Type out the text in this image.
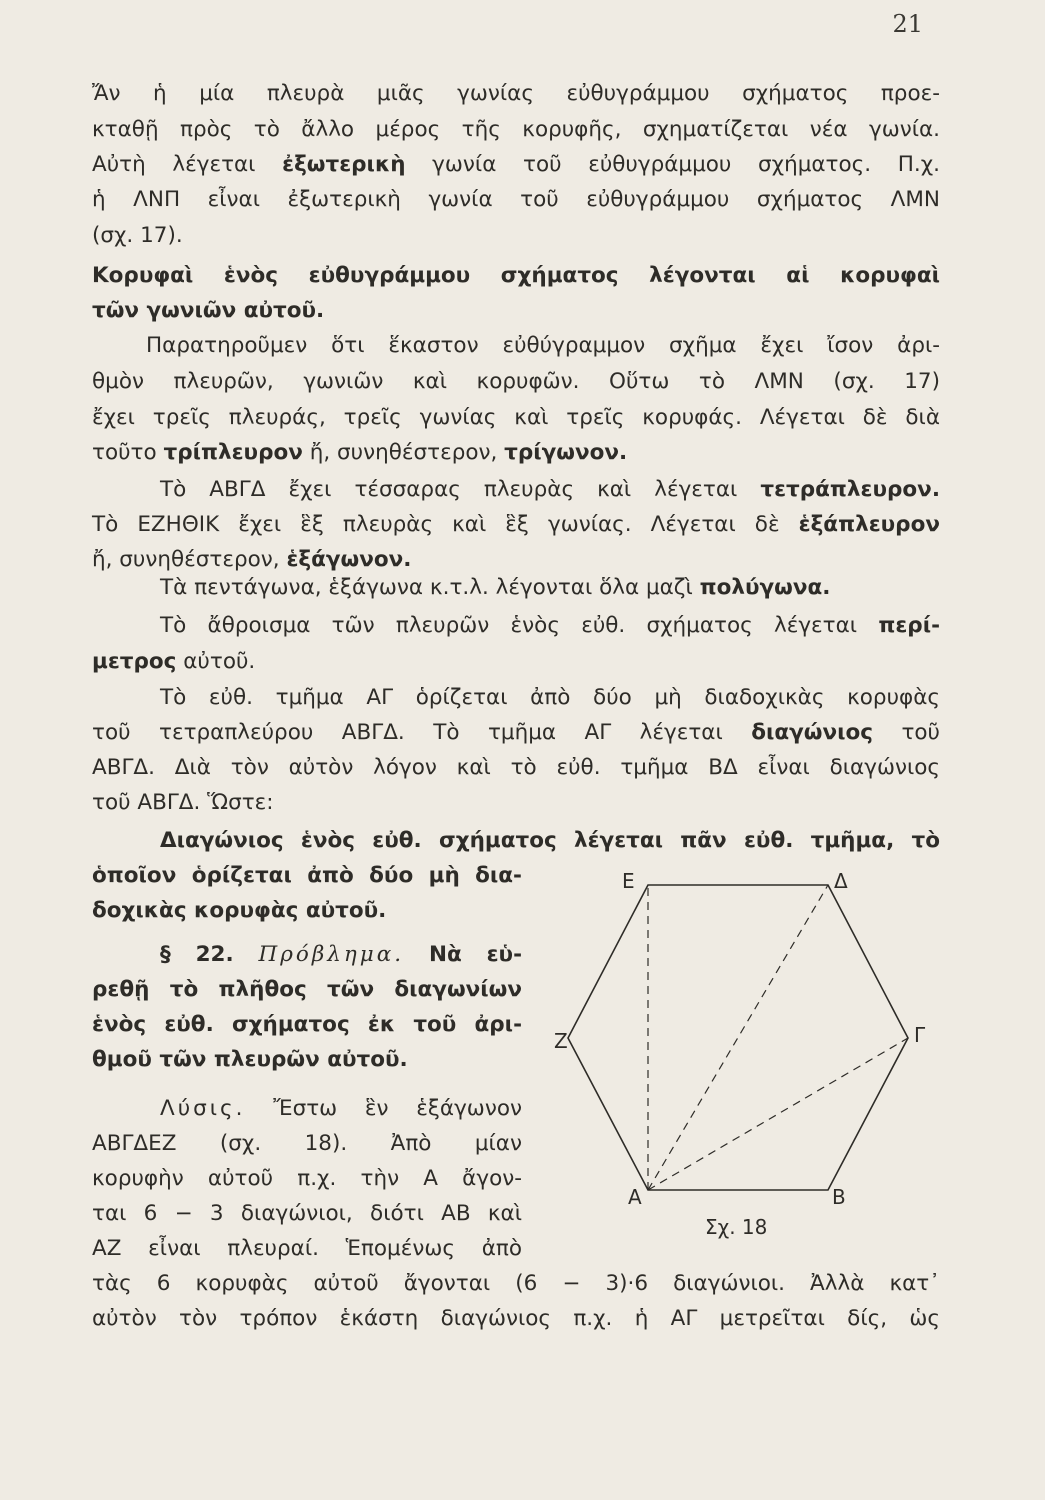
21
Ἄν ἡ μία πλευρὰ μιᾶς γωνίας εὐθυγράμμου σχήματος προε-
κταθῇ πρὸς τὸ ἄλλο μέρος τῆς κορυφῆς, σχηματίζεται νέα γωνία.
Αὐτὴ λέγεται ἐξωτερικὴ γωνία τοῦ εὐθυγράμμου σχήματος. Π.χ.
ἡ ΛΝΠ εἶναι ἐξωτερικὴ γωνία τοῦ εὐθυγράμμου σχήματος ΛΜΝ
(σχ. 17).
Κορυφαὶ ἑνὸς εὐθυγράμμου σχήματος λέγονται αἱ κορυφαὶ
τῶν γωνιῶν αὐτοῦ.
Παρατηροῦμεν ὅτι ἕκαστον εὐθύγραμμον σχῆμα ἔχει ἴσον ἀρι-
θμὸν πλευρῶν, γωνιῶν καὶ κορυφῶν. Οὕτω τὸ ΛΜΝ (σχ. 17)
ἔχει τρεῖς πλευράς, τρεῖς γωνίας καὶ τρεῖς κορυφάς. Λέγεται δὲ διὰ
τοῦτο τρίπλευρον ἤ, συνηθέστερον, τρίγωνον.
Τὸ ΑΒΓΔ ἔχει τέσσαρας πλευρὰς καὶ λέγεται τετράπλευρον.
Τὸ ΕΖΗΘΙΚ ἔχει ἓξ πλευρὰς καὶ ἓξ γωνίας. Λέγεται δὲ ἑξάπλευρον
ἤ, συνηθέστερον, ἑξάγωνον.
Τὰ πεντάγωνα, ἑξάγωνα κ.τ.λ. λέγονται ὅλα μαζὶ πολύγωνα.
Τὸ ἄθροισμα τῶν πλευρῶν ἑνὸς εὐθ. σχήματος λέγεται περί-
μετρος αὐτοῦ.
Τὸ εὐθ. τμῆμα ΑΓ ὁρίζεται ἀπὸ δύο μὴ διαδοχικὰς κορυφὰς
τοῦ τετραπλεύρου ΑΒΓΔ. Τὸ τμῆμα ΑΓ λέγεται διαγώνιος τοῦ
ΑΒΓΔ. Διὰ τὸν αὐτὸν λόγον καὶ τὸ εὐθ. τμῆμα ΒΔ εἶναι διαγώνιος
τοῦ ΑΒΓΔ. Ὥστε:
Διαγώνιος ἑνὸς εὐθ. σχήματος λέγεται πᾶν εὐθ. τμῆμα, τὸ
ὁποῖον ὁρίζεται ἀπὸ δύο μὴ δια-
δοχικὰς κορυφὰς αὐτοῦ.
§ 22. Πρόβλημα. Νὰ εὑ-
ρεθῇ τὸ πλῆθος τῶν διαγωνίων
ἑνὸς εὐθ. σχήματος ἐκ τοῦ ἀρι-
θμοῦ τῶν πλευρῶν αὐτοῦ.
Λύσις. Ἔστω ἓν ἑξάγωνον
ΑΒΓΔΕΖ (σχ. 18). Ἀπὸ μίαν
κορυφὴν αὐτοῦ π.χ. τὴν Α ἄγον-
ται 6 − 3 διαγώνιοι, διότι ΑΒ καὶ
ΑΖ εἶναι πλευραί. Ἑπομένως ἀπὸ
τὰς 6 κορυφὰς αὐτοῦ ἄγονται (6 − 3)·6 διαγώνιοι. Ἀλλὰ κατ᾽
αὐτὸν τὸν τρόπον ἑκάστη διαγώνιος π.χ. ἡ ΑΓ μετρεῖται δίς, ὡς
E	Δ
Γ
Z
A	B
Σχ. 18
